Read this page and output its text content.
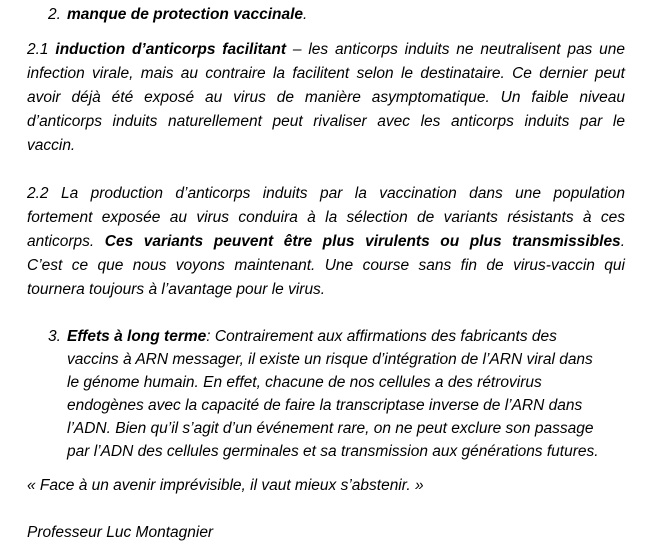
2. manque de protection vaccinale.
2.1 induction d’anticorps facilitant – les anticorps induits ne neutralisent pas une
infection virale, mais au contraire la facilitent selon le destinataire. Ce dernier peut
avoir déjà été exposé au virus de manière asymptomatique. Un faible niveau
d’anticorps induits naturellement peut rivaliser avec les anticorps induits par le
vaccin.
2.2 La production d’anticorps induits par la vaccination dans une population
fortement exposée au virus conduira à la sélection de variants résistants à ces
anticorps. Ces variants peuvent être plus virulents ou plus transmissibles.
C’est ce que nous voyons maintenant. Une course sans fin de virus-vaccin qui
tournera toujours à l’avantage pour le virus.
3. Effets à long terme: Contrairement aux affirmations des fabricants des
vaccins à ARN messager, il existe un risque d’intégration de l’ARN viral dans
le génome humain. En effet, chacune de nos cellules a des rétrovirus
endogènes avec la capacité de faire la transcriptase inverse de l’ARN dans
l’ADN. Bien qu’il s’agit d’un événement rare, on ne peut exclure son passage
par l’ADN des cellules germinales et sa transmission aux générations futures.
« Face à un avenir imprévisible, il vaut mieux s’abstenir. »
Professeur Luc Montagnier
